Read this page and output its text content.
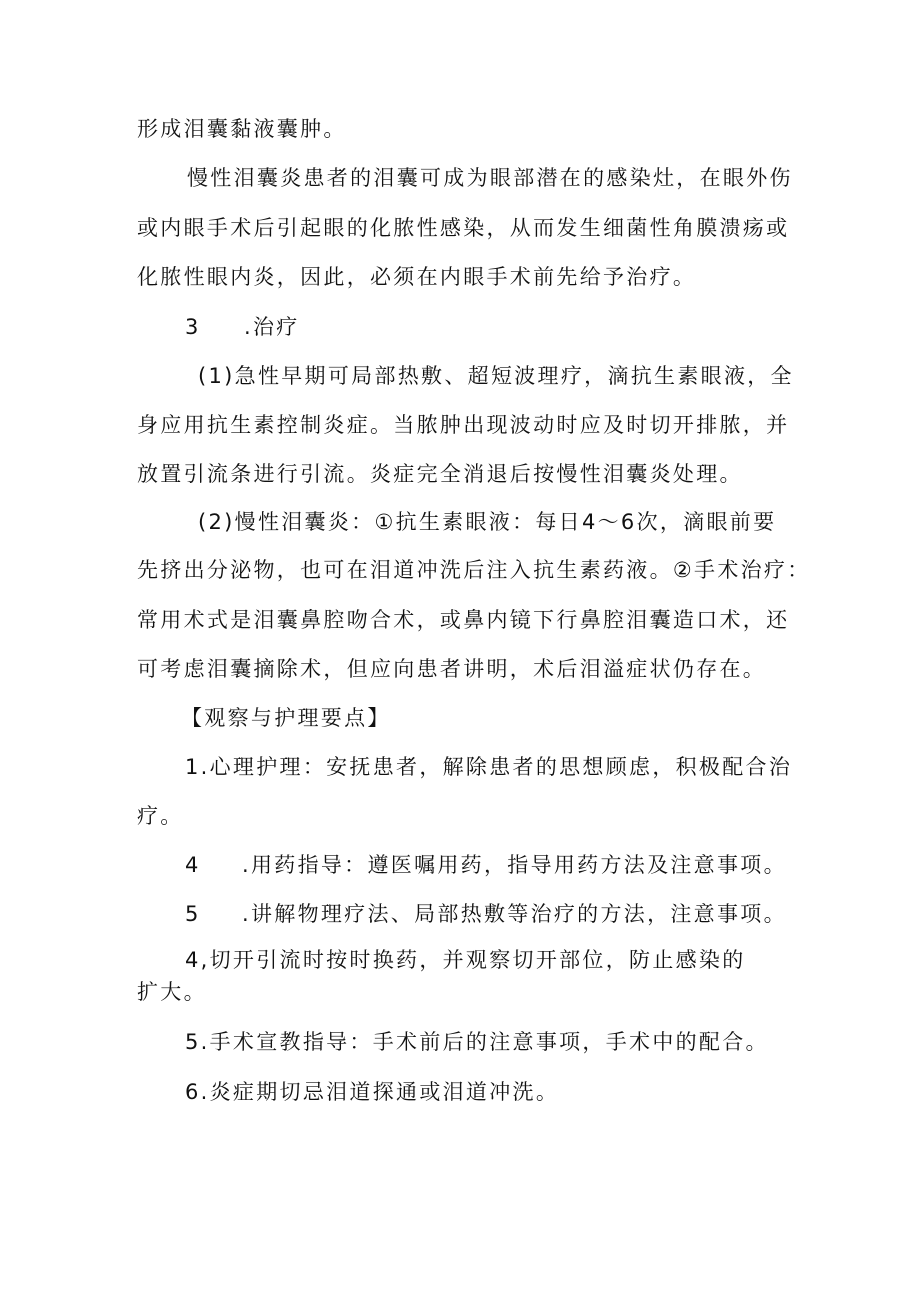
形成泪囊黏液囊肿。
慢性泪囊炎患者的泪囊可成为眼部潜在的感染灶，在眼外伤
或内眼手术后引起眼的化脓性感染，从而发生细菌性角膜溃疡或
化脓性眼内炎，因此，必须在内眼手术前先给予治疗。
3 .治疗
(1)急性早期可局部热敷、超短波理疗，滴抗生素眼液，全
身应用抗生素控制炎症。当脓肿出现波动时应及时切开排脓，并
放置引流条进行引流。炎症完全消退后按慢性泪囊炎处理。
(2)慢性泪囊炎：①抗生素眼液：每日4～6次，滴眼前要
先挤出分泌物，也可在泪道冲洗后注入抗生素药液。②手术治疗：
常用术式是泪囊鼻腔吻合术，或鼻内镜下行鼻腔泪囊造口术，还
可考虑泪囊摘除术，但应向患者讲明，术后泪溢症状仍存在。
【观察与护理要点】
1.心理护理：安抚患者，解除患者的思想顾虑，积极配合治
疗。
4 .用药指导：遵医嘱用药，指导用药方法及注意事项。
5 .讲解物理疗法、局部热敷等治疗的方法，注意事项。
4,切开引流时按时换药，并观察切开部位，防止感染的
扩大。
5.手术宣教指导：手术前后的注意事项，手术中的配合。
6.炎症期切忌泪道探通或泪道冲洗。
